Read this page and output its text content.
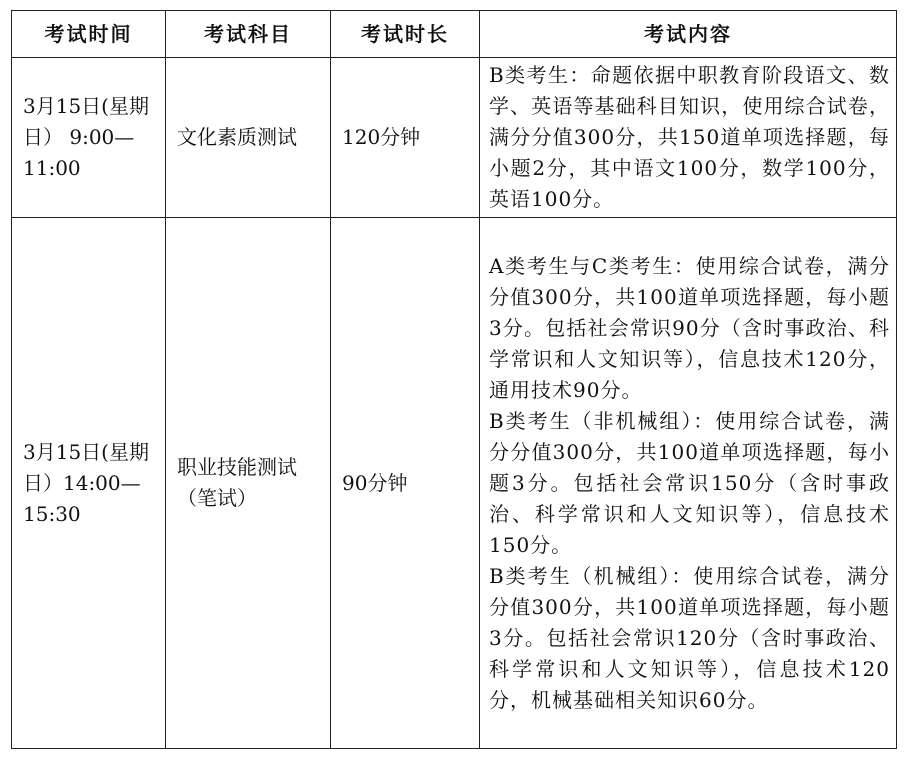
考试时间	考试科目	考试时长	考试内容
3月15日(星期日） 9:00—11:00	文化素质测试	120分钟	B类考生：命题依据中职教育阶段语文、数学、英语等基础科目知识，使用综合试卷，满分分值300分，共150道单项选择题，每小题2分，其中语文100分，数学100分，英语100分。

3月15日(星期日）14:00—15:30	职业技能测试（笔试）	90分钟	A类考生与C类考生：使用综合试卷，满分分值300分，共100道单项选择题，每小题3分。包括社会常识90分（含时事政治、科学常识和人文知识等），信息技术120分，通用技术90分。
B类考生（非机械组）：使用综合试卷，满分分值300分，共100道单项选择题，每小题3分。包括社会常识150分（含时事政治、科学常识和人文知识等），信息技术150分。
B类考生（机械组）：使用综合试卷，满分分值300分，共100道单项选择题，每小题3分。包括社会常识120分（含时事政治、科学常识和人文知识等），信息技术120分，机械基础相关知识60分。
